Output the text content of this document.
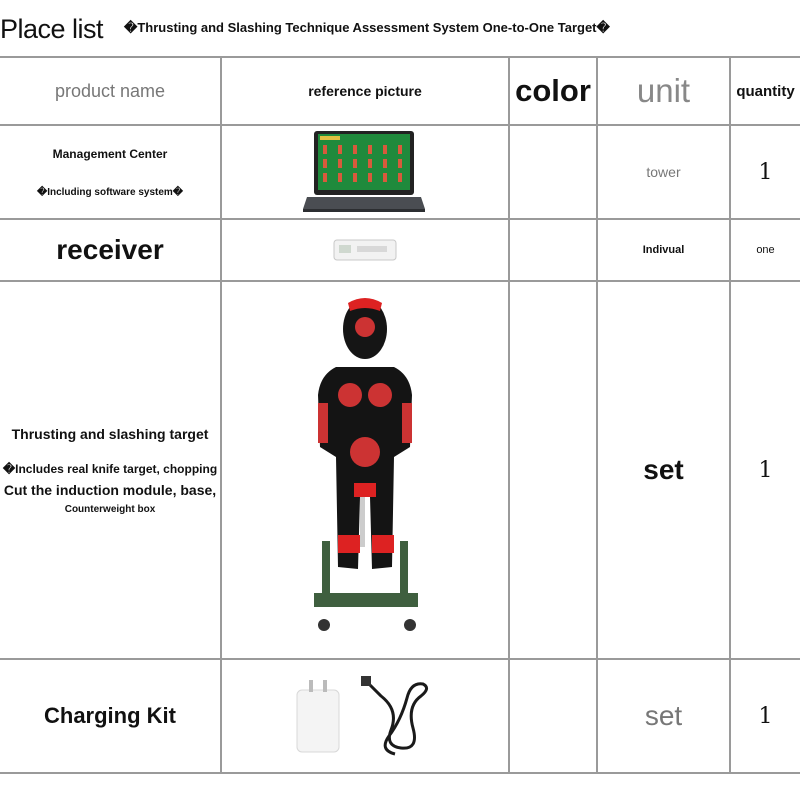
Place list �Thrusting and Slashing Technique Assessment System One-to-One Target�
product name	reference picture	color	unit	quantity

Management Center
�Including software system�			tower	1
receiver			Indivual	one

Thrusting and slashing target
�Includes real knife target, chopping
Cut the induction module, base,
Counterweight box			set	1
Charging Kit			set	1
